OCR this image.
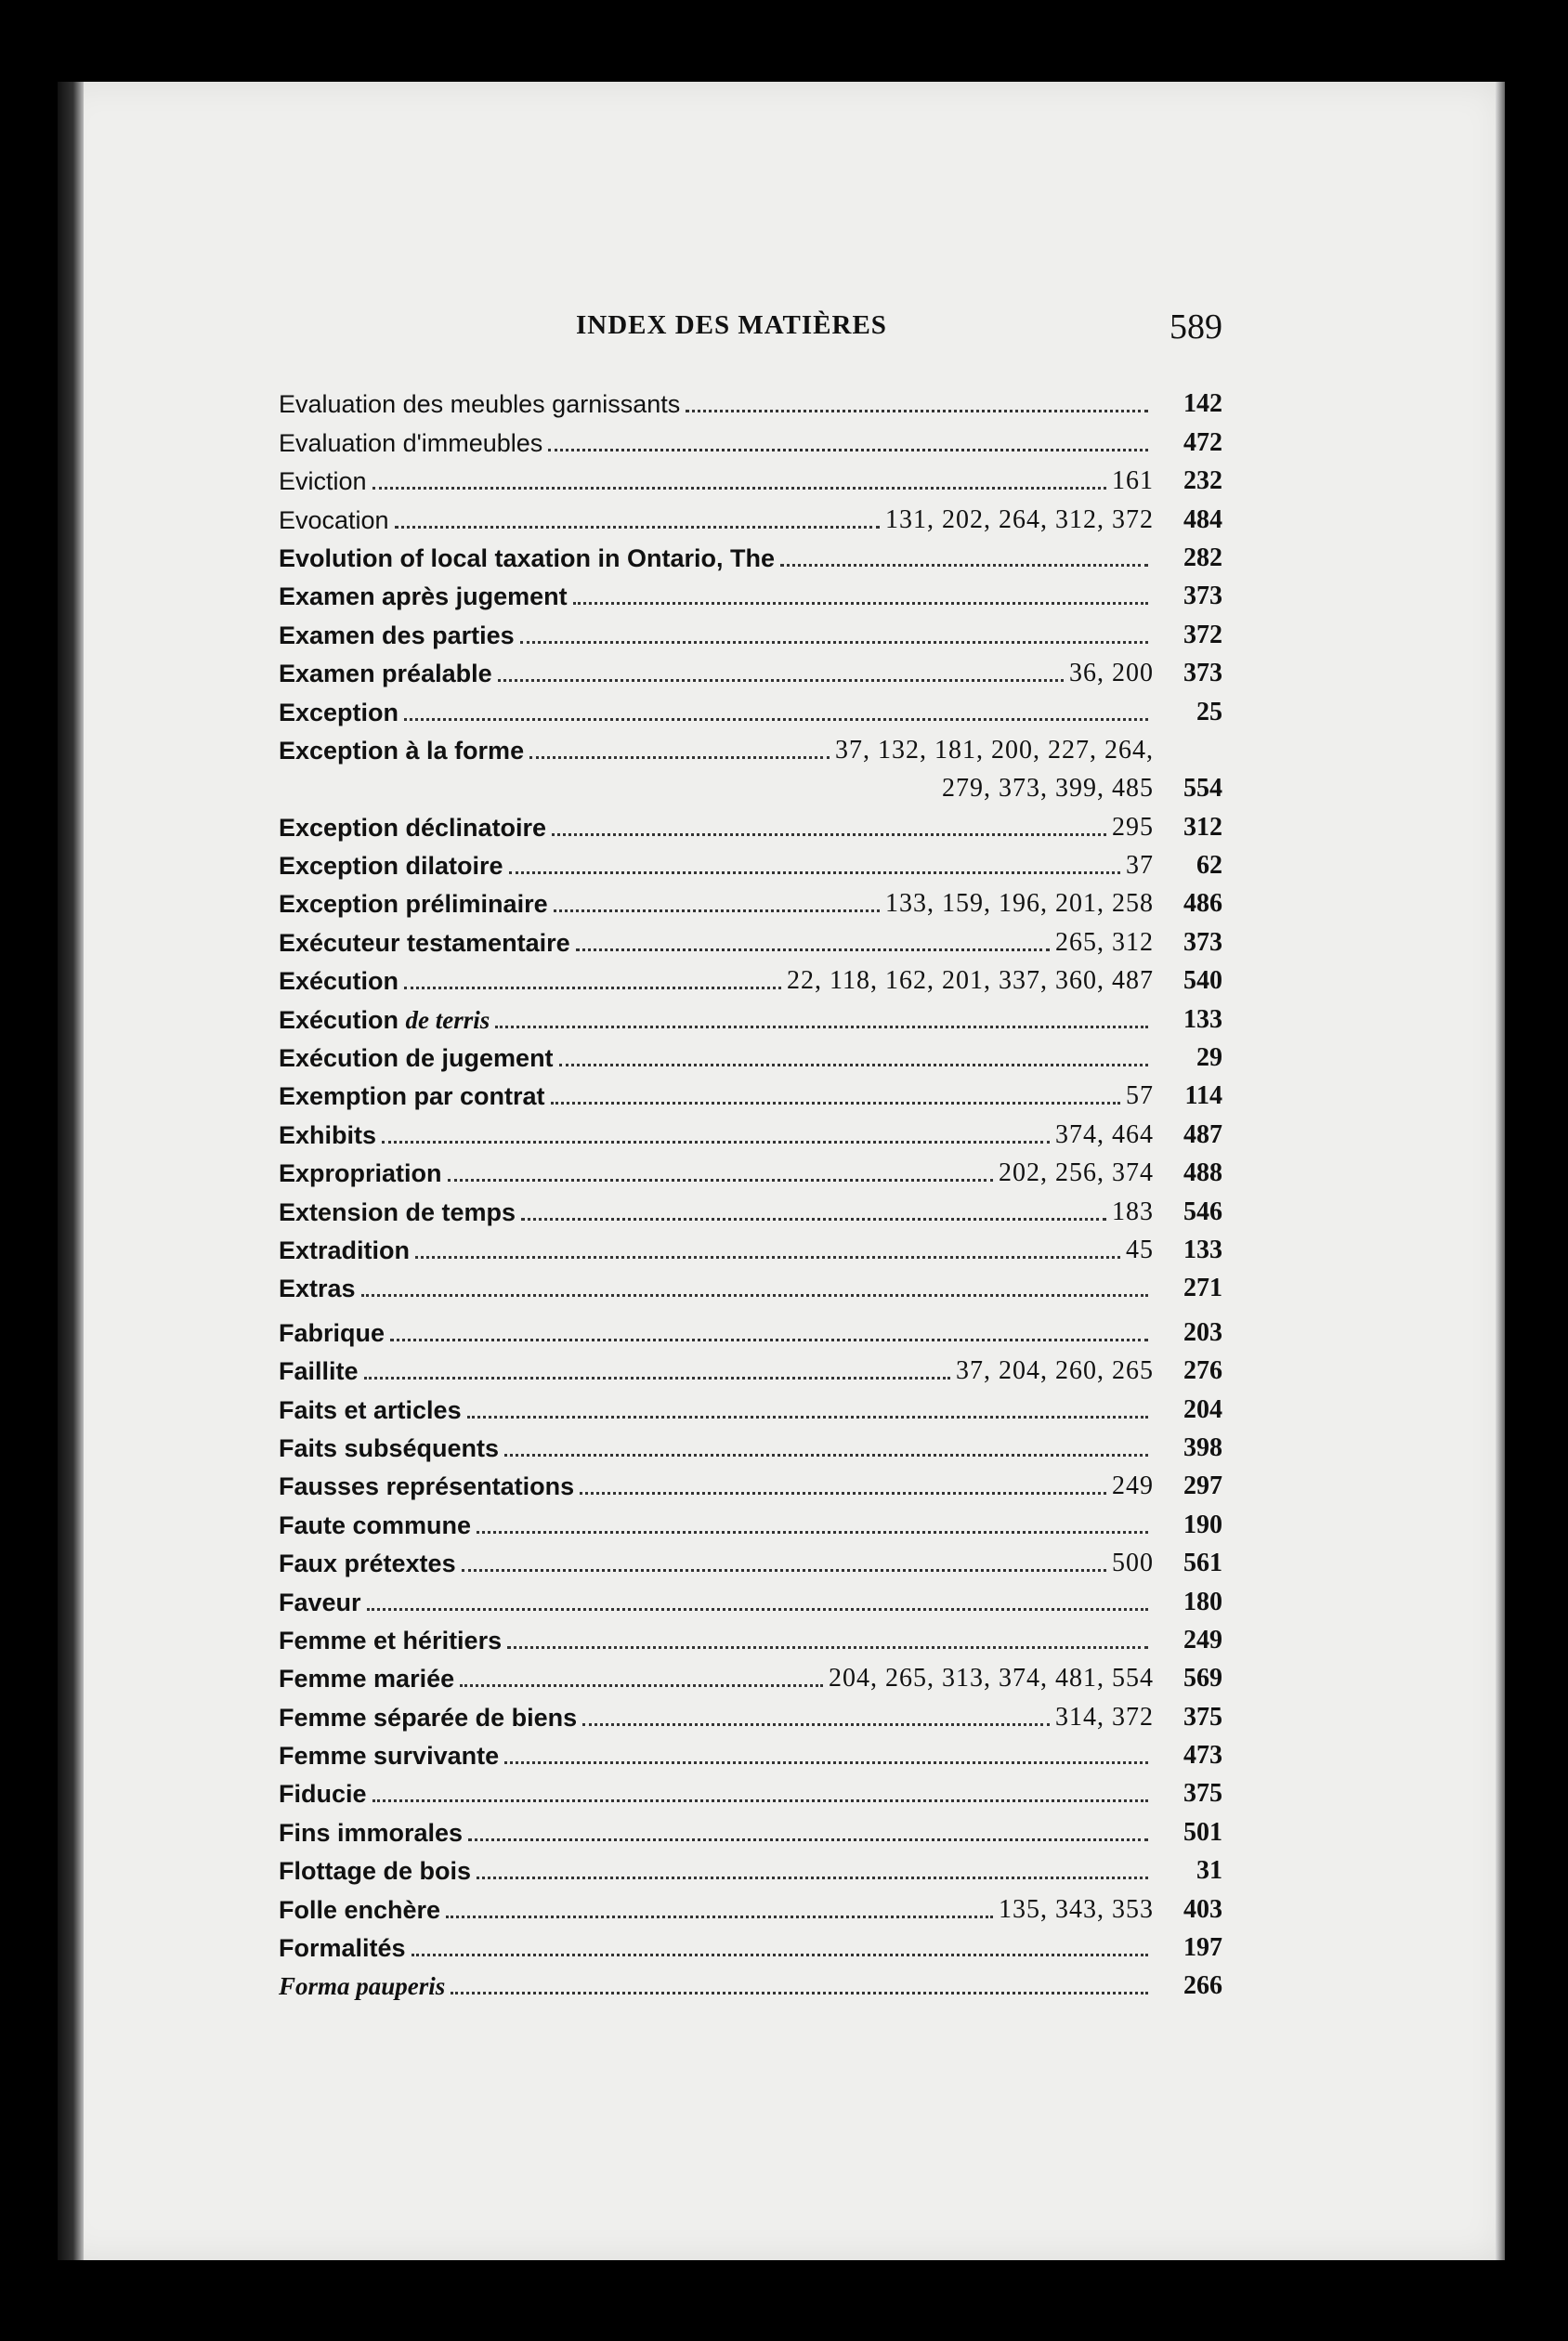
INDEX DES MATIÈRES	589
Evaluation des meubles garnissants	142
Evaluation d'immeubles	472
Eviction	161	232
Evocation	131, 202, 264, 312, 372	484
Evolution of local taxation in Ontario, The	282
Examen après jugement	373
Examen des parties	372
Examen préalable	36, 200	373
Exception	25
Exception à la forme	37, 132, 181, 200, 227, 264,
279, 373, 399, 485	554
Exception déclinatoire	295	312
Exception dilatoire	37	62
Exception préliminaire	133, 159, 196, 201, 258	486
Exécuteur testamentaire	265, 312	373
Exécution	22, 118, 162, 201, 337, 360, 487	540
Exécution de terris	133
Exécution de jugement	29
Exemption par contrat	57	114
Exhibits	374, 464	487
Expropriation	202, 256, 374	488
Extension de temps	183	546
Extradition	45	133
Extras	271
Fabrique	203
Faillite	37, 204, 260, 265	276
Faits et articles	204
Faits subséquents	398
Fausses représentations	249	297
Faute commune	190
Faux prétextes	500	561
Faveur	180
Femme et héritiers	249
Femme mariée	204, 265, 313, 374, 481, 554	569
Femme séparée de biens	314, 372	375
Femme survivante	473
Fiducie	375
Fins immorales	501
Flottage de bois	31
Folle enchère	135, 343, 353	403
Formalités	197
Forma pauperis	266
